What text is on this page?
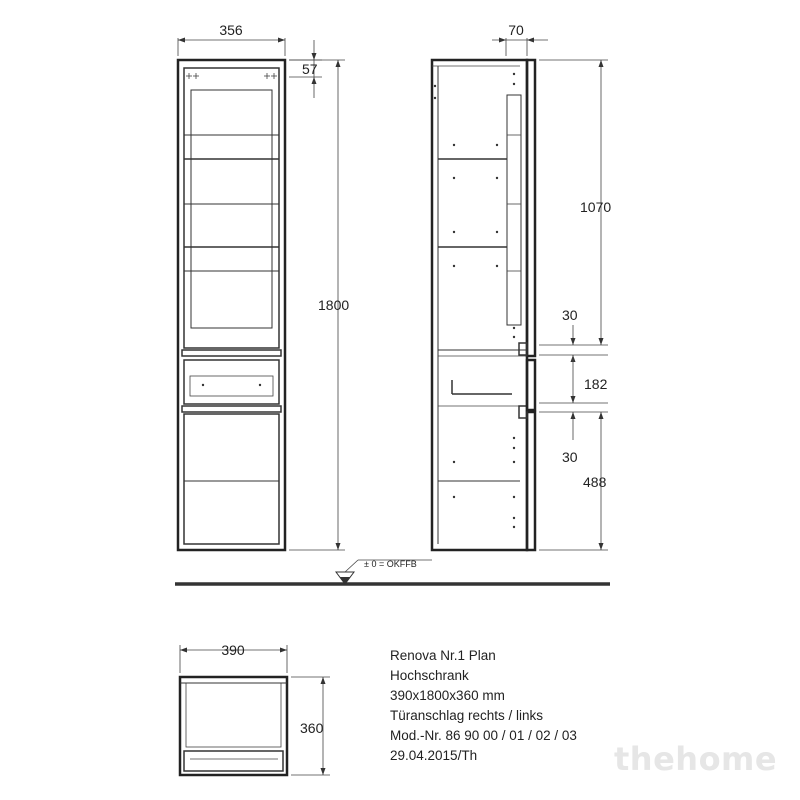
356
57
1800
70
1070
30
182
30
488
± 0 = OKFFB
390
360
Renova Nr.1 Plan
Hochschrank
390x1800x360 mm
Türanschlag rechts / links
Mod.-Nr. 86 90 00 / 01 / 02 / 03
29.04.2015/Th	thehome
